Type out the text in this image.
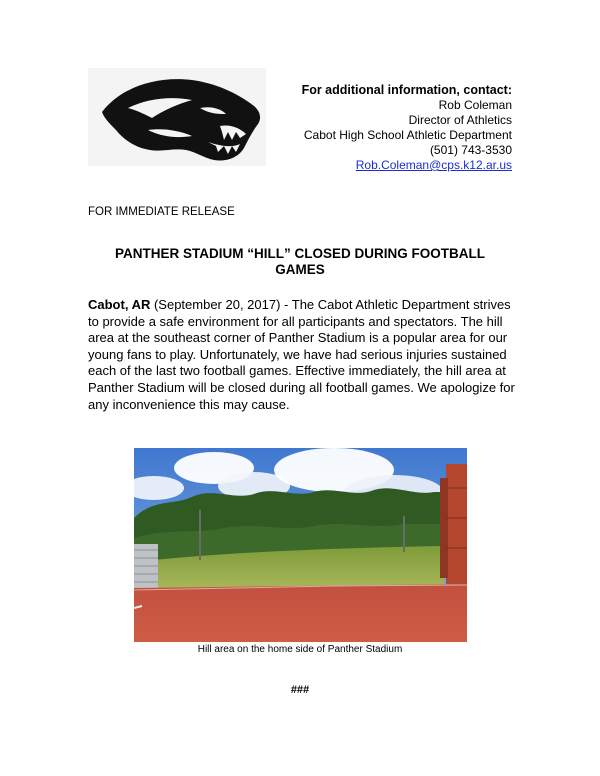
For additional information, contact:
Rob Coleman
Director of Athletics
Cabot High School Athletic Department
(501) 743-3530
Rob.Coleman@cps.k12.ar.us
FOR IMMEDIATE RELEASE
PANTHER STADIUM “HILL” CLOSED DURING FOOTBALL GAMES
Cabot, AR (September 20, 2017) - The Cabot Athletic Department strives to provide a safe environment for all participants and spectators. The hill area at the southeast corner of Panther Stadium is a popular area for our young fans to play. Unfortunately, we have had serious injuries sustained each of the last two football games. Effective immediately, the hill area at Panther Stadium will be closed during all football games. We apologize for any inconvenience this may cause.
Hill area on the home side of Panther Stadium
###
